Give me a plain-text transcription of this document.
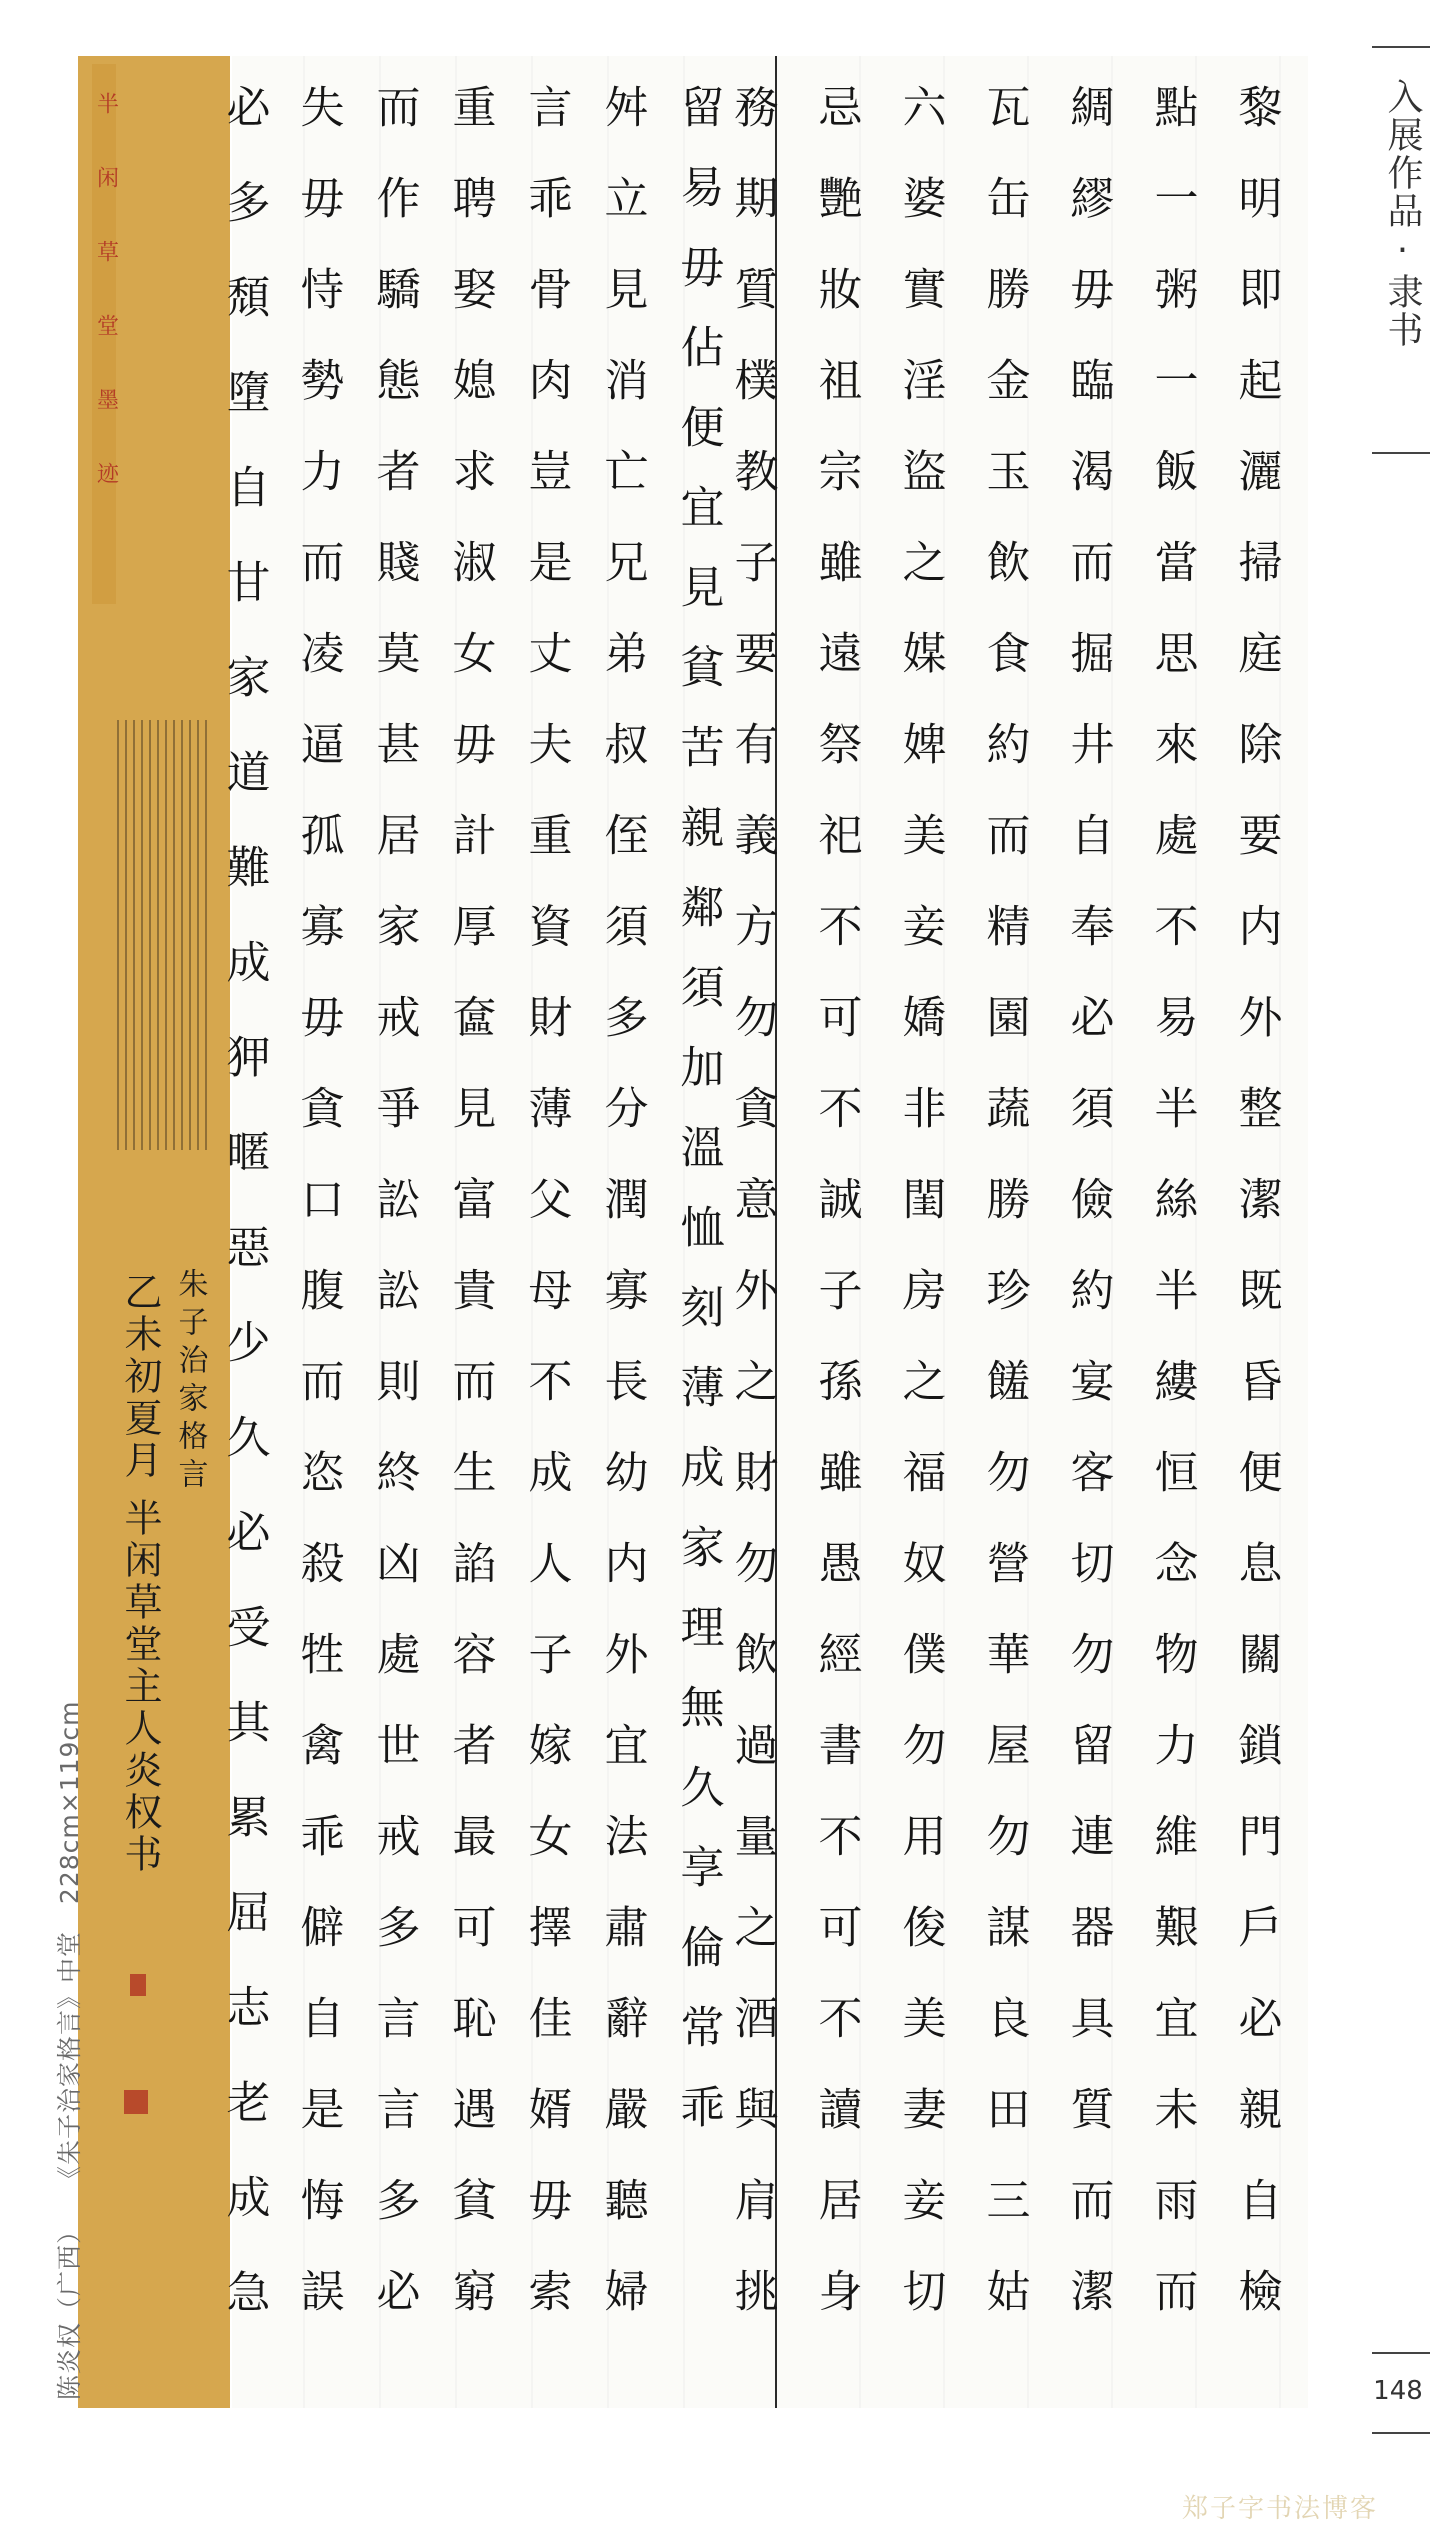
半闲草堂墨迹
朱子治家格言
乙未初夏月 半闲草堂主人炎权书	黎明即起灑掃庭除要内外整潔既昏便息關鎖門戶必親自檢
點一粥一飯當思來處不易半絲半縷恒念物力維艱宜未雨而
綢繆毋臨渴而掘井自奉必須儉約宴客切勿留連器具質而潔
瓦缶勝金玉飲食約而精園蔬勝珍饈勿營華屋勿謀良田三姑
六婆實淫盜之媒婢美妾嬌非閨房之福奴僕勿用俊美妻妾切
忌艷妝祖宗雖遠祭祀不可不誠子孫雖愚經書不可不讀居身
務期質樸教子要有義方勿貪意外之財勿飲過量之酒與肩挑
留易毋佔便宜見貧苦親鄰須加溫恤刻薄成家理無久享倫常乖
舛立見消亡兄弟叔侄須多分潤寡長幼内外宜法肅辭嚴聽婦
言乖骨肉豈是丈夫重資財薄父母不成人子嫁女擇佳婿毋索
重聘娶媳求淑女毋計厚奩見富貴而生諂容者最可恥遇貧窮
而作驕態者賤莫甚居家戒爭訟訟則終凶處世戒多言言多必
失毋恃勢力而凌逼孤寡毋貪口腹而恣殺牲禽乖僻自是悔誤
必多頹墮自甘家道難成狎暱惡少久必受其累屈志老成急
陈炎权（广西） 《朱子治家格言》中堂 228cm×119cm
入展作品·隶书
148
郑子字书法博客
